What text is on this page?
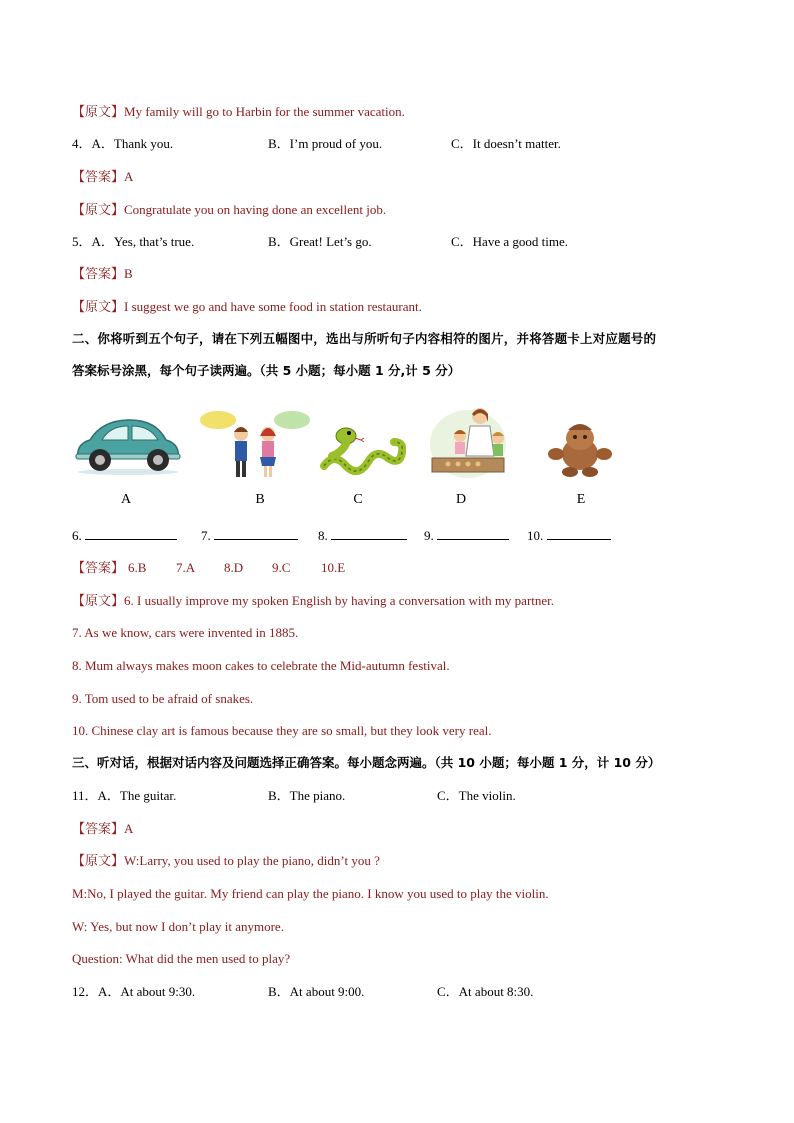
【原文】My family will go to Harbin for the summer vacation.
4．A．Thank you.	B．I’m proud of you.	C．It doesn’t matter.
【答案】A
【原文】Congratulate you on having done an excellent job.
5．A．Yes, that’s true.	B．Great! Let’s go.	C．Have a good time.
【答案】B
【原文】I suggest we go and have some food in station restaurant.
二、你将听到五个句子，请在下列五幅图中，选出与所听句子内容相符的图片，并将答题卡上对应题号的
答案标号涂黑，每个句子读两遍。（共 5 小题；每小题 1 分,计 5 分）
A	B	C	D	E
6.	7.	8.	9.	10.
【答案】 6.B 7.A 8.D 9.C 10.E
【原文】6. I usually improve my spoken English by having a conversation with my partner.
7. As we know, cars were invented in 1885.
8. Mum always makes moon cakes to celebrate the Mid-autumn festival.
9. Tom used to be afraid of snakes.
10. Chinese clay art is famous because they are so small, but they look very real.
三、听对话，根据对话内容及问题选择正确答案。每小题念两遍。（共 10 小题；每小题 1 分，计 10 分）
11．A．The guitar.	B．The piano.	C．The violin.
【答案】A
【原文】W:Larry, you used to play the piano, didn’t you ?
M:No, I played the guitar. My friend can play the piano. I know you used to play the violin.
W: Yes, but now I don’t play it anymore.
Question: What did the men used to play?
12．A．At about 9:30.	B．At about 9:00.	C．At about 8:30.
